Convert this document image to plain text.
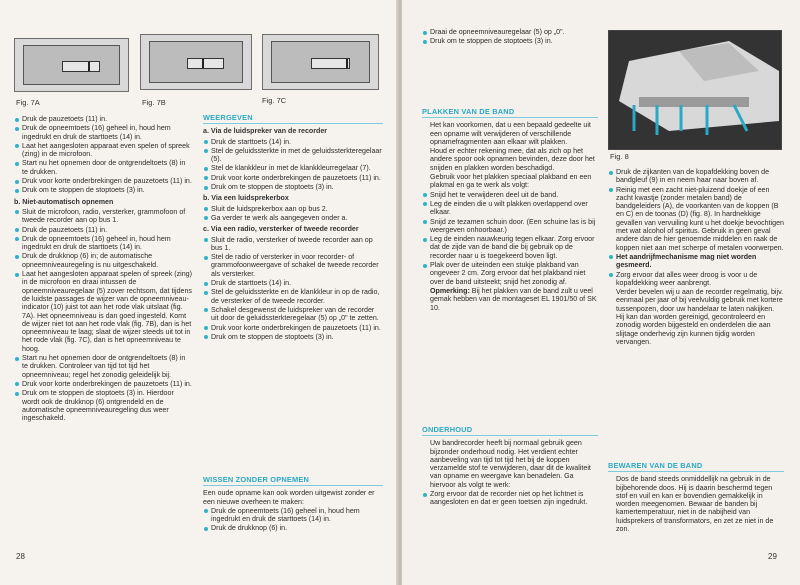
Fig. 7A	Fig. 7B	Fig. 7C

Druk de pauzetoets (11) in.

Druk de opneemtoets (16) geheel in, houd hem ingedrukt en druk de starttoets (14) in.

Laat het aangesloten apparaat even spelen of spreek (zing) in de microfoon.

Start nu het opnemen door de ontgrendeltoets (8) in te drukken.

Druk voor korte onderbrekingen de pauzetoets (11) in.

Druk om te stoppen de stoptoets (3) in.

b. Niet-automatisch opnemen

Sluit de microfoon, radio, versterker, grammofoon of tweede recorder aan op bus 1.

Druk de pauzetoets (11) in.

Druk de opneemtoets (16) geheel in, houd hem ingedrukt en druk de starttoets (14) in.

Druk de drukknop (6) in; de automatische opneemniveauregeling is nu uitgeschakeld.

Laat het aangesloten apparaat spelen of spreek (zing) in de microfoon en draai intussen de opneemniveauregelaar (5) zover rechtsom, dat tijdens de luidste passages de wijzer van de opneemniveau-indicator (10) juist tot aan het rode vlak uitslaat (fig. 7A). Het opneemniveau is dan goed ingesteld. Komt de wijzer niet tot aan het rode vlak (fig. 7B), dan is het opneemniveau te laag; slaat de wijzer steeds uit tot in het rode vlak (fig. 7C), dan is het opneemniveau te hoog.

Start nu het opnemen door de ontgrendeltoets (8) in te drukken. Controleer van tijd tot tijd het opneemniveau; regel het zonodig geleidelijk bij.

Druk voor korte onderbrekingen de pauzetoets (11) in.

Druk om te stoppen de stoptoets (3) in. Hierdoor wordt ook de drukknop (6) ontgrendeld en de automatische opneemniveauregeling dus weer ingeschakeld.

WEERGEVEN
a. Via de luidspreker van de recorder

Druk de starttoets (14) in.

Stel de geluidssterkte in met de geluidssterkteregelaar (5).

Stel de klankkleur in met de klankkleurregelaar (7).

Druk voor korte onderbrekingen de pauzetoets (11) in.

Druk om te stoppen de stoptoets (3) in.

b. Via een luidsprekerbox

Sluit de luidsprekerbox aan op bus 2.

Ga verder te werk als aangegeven onder a.

c. Via een radio, versterker of tweede recorder

Sluit de radio, versterker of tweede recorder aan op bus 1.

Stel de radio of versterker in voor recorder- of grammofoonweergave of schakel de tweede recorder als versterker.

Druk de starttoets (14) in.

Stel de geluidssterkte en de klankkleur in op de radio, de versterker of de tweede recorder.

Schakel desgewenst de luidspreker van de recorder uit door de geluidssterkteregelaar (5) op „0" te zetten.

Druk voor korte onderbrekingen de pauzetoets (11) in.

Druk om te stoppen de stoptoets (3) in.

WISSEN ZONDER OPNEMEN

Een oude opname kan ook worden uitgewist zonder er een nieuwe overheen te maken:

Druk de opneemtoets (16) geheel in, houd hem ingedrukt en druk de starttoets (14) in.

Druk de drukknop (6) in.

28

Draai de opneemniveauregelaar (5) op „0".

Druk om te stoppen de stoptoets (3) in.

PLAKKEN VAN DE BAND

Het kan voorkomen, dat u een bepaald gedeelte uit een opname wilt verwijderen of verschillende opnamefragmenten aan elkaar wilt plakken.

Houd er echter rekening mee, dat als zich op het andere spoor ook opnamen bevinden, deze door het snijden en plakken worden beschadigd.

Gebruik voor het plakken speciaal plakband en een plakmal en ga te werk als volgt:

Snijd het te verwijderen deel uit de band.

Leg de einden die u wilt plakken overlappend over elkaar.

Snijd ze tezamen schuin door. (Een schuine las is bij weergeven onhoorbaar.)

Leg de einden nauwkeurig tegen elkaar. Zorg ervoor dat de zijde van de band die bij gebruik op de recorder naar u is toegekeerd boven ligt.

Plak over de uiteinden een stukje plakband van ongeveer 2 cm. Zorg ervoor dat het plakband niet over de band uitsteekt; snijd het zonodig af.

Opmerking: Bij het plakken van de band zult u veel gemak hebben van de montageset EL 1901/50 of SK 10.

ONDERHOUD

Uw bandrecorder heeft bij normaal gebruik geen bijzonder onderhoud nodig. Het verdient echter aanbeveling van tijd tot tijd het bij de koppen verzamelde stof te verwijderen, daar dit de kwaliteit van opname en weergave kan benadelen. Ga hiervoor als volgt te werk:

Zorg ervoor dat de recorder niet op het lichtnet is aangesloten en dat er geen toetsen zijn ingedrukt.

Fig. 8

Druk de zijkanten van de kopafdekking boven de bandgleuf (9) in en neem haar naar boven af.

Reinig met een zacht niet-pluizend doekje of een zacht kwastje (zonder metalen band) de bandgeleiders (A), de voorkanten van de koppen (B en C) en de toonas (D) (fig. 8). In hardnekkige gevallen van vervuiling kunt u het doekje bevochtigen met wat alcohol of spiritus. Gebruik in geen geval andere dan de hier genoemde middelen en raak de koppen niet aan met scherpe of metalen voorwerpen.

Het aandrijfmechanisme mag niet worden gesmeerd.

Zorg ervoor dat alles weer droog is voor u de kopafdekking weer aanbrengt.

Verder bevelen wij u aan de recorder regelmatig, bijv. eenmaal per jaar of bij veelvuldig gebruik met kortere tussenpozen, door uw handelaar te laten nakijken. Hij kan dan worden gereinigd, gecontroleerd en zonodig worden bijgesteld en onderdelen die aan slijtage onderhevig zijn kunnen tijdig worden vervangen.

BEWAREN VAN DE BAND

Dos de band steeds onmiddellijk na gebruik in de bijbehorende doos. Hij is daarin beschermd tegen stof en vuil en kan er bovendien gemakkelijk in worden meegenomen. Bewaar de banden bij kamertemperatuur, niet in de nabijheid van luidsprekers of transformators, en zet ze niet in de zon.

29
